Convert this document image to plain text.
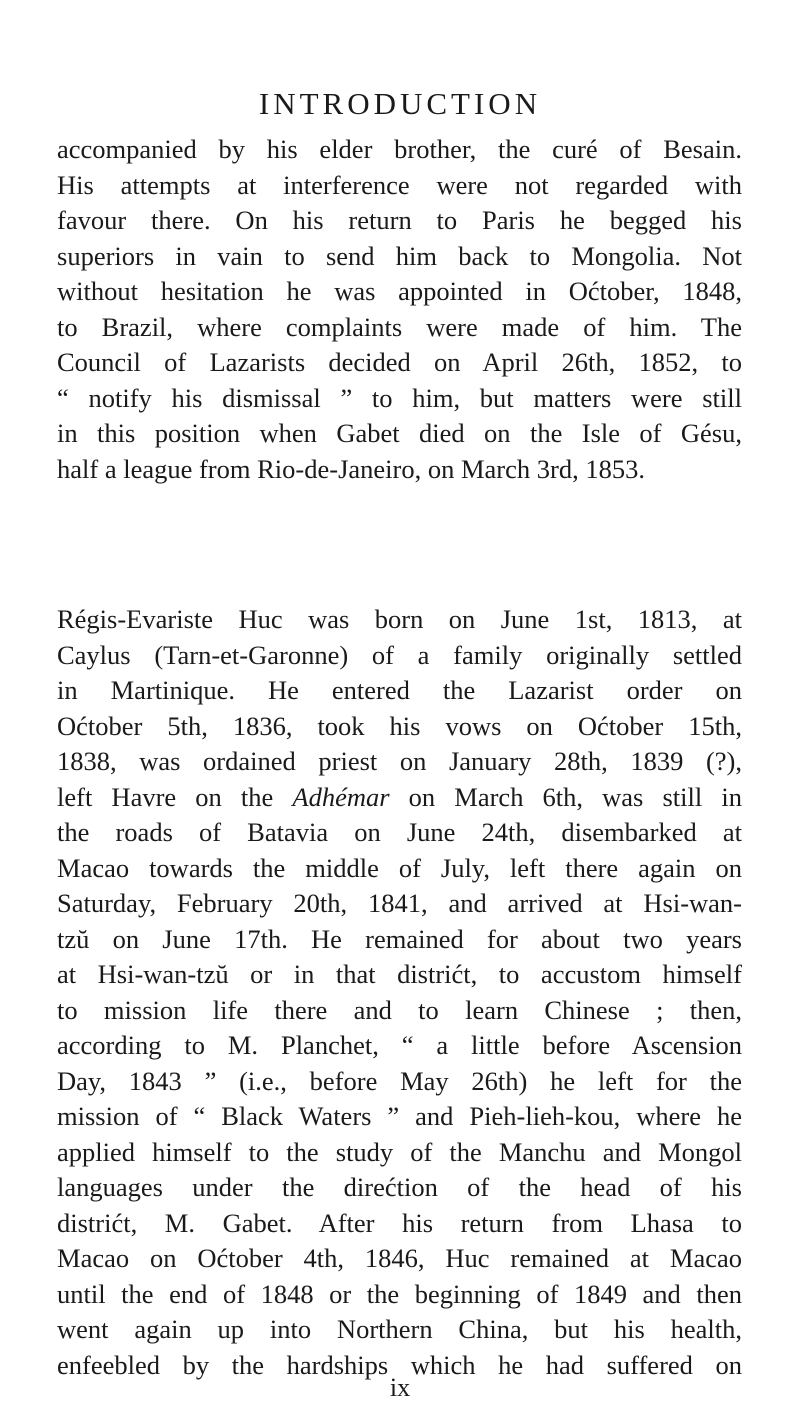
INTRODUCTION
accompanied by his elder brother, the curé of Besain.
His attempts at interference were not regarded with
favour there. On his return to Paris he begged his
superiors in vain to send him back to Mongolia. Not
without hesitation he was appointed in Oćtober, 1848,
to Brazil, where complaints were made of him. The
Council of Lazarists decided on April 26th, 1852, to
“ notify his dismissal ” to him, but matters were still
in this position when Gabet died on the Isle of Gésu,
half a league from Rio-de-Janeiro, on March 3rd, 1853.
Régis-Evariste Huc was born on June 1st, 1813, at
Caylus (Tarn-et-Garonne) of a family originally settled
in Martinique. He entered the Lazarist order on
Oćtober 5th, 1836, took his vows on Oćtober 15th,
1838, was ordained priest on January 28th, 1839 (?),
left Havre on the Adhémar on March 6th, was still in
the roads of Batavia on June 24th, disembarked at
Macao towards the middle of July, left there again on
Saturday, February 20th, 1841, and arrived at Hsi-wan-
tzŭ on June 17th. He remained for about two years
at Hsi-wan-tzŭ or in that distrićt, to accustom himself
to mission life there and to learn Chinese ; then,
according to M. Planchet, “ a little before Ascension
Day, 1843 ” (i.e., before May 26th) he left for the
mission of “ Black Waters ” and Pieh-lieh-kou, where he
applied himself to the study of the Manchu and Mongol
languages under the direćtion of the head of his
distrićt, M. Gabet. After his return from Lhasa to
Macao on Oćtober 4th, 1846, Huc remained at Macao
until the end of 1848 or the beginning of 1849 and then
went again up into Northern China, but his health,
enfeebled by the hardships which he had suffered on
ix
